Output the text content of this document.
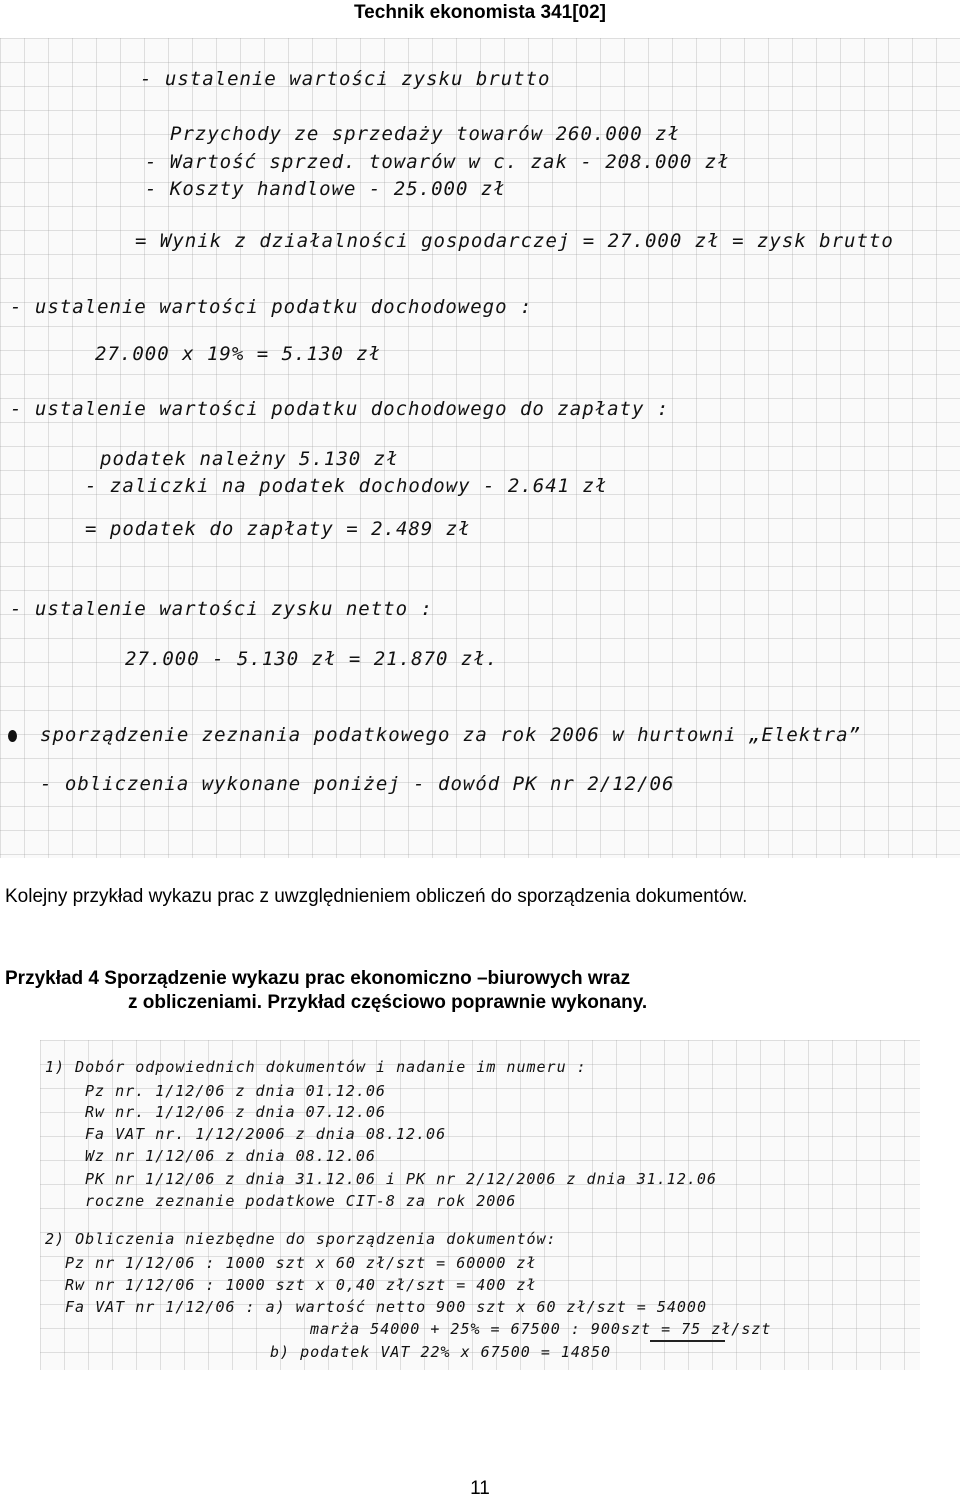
Technik ekonomista 341[02]
- ustalenie wartości zysku brutto
Przychody ze sprzedaży towarów 260.000 zł
- Wartość sprzed. towarów w c. zak - 208.000 zł
- Koszty handlowe - 25.000 zł
= Wynik z działalności gospodarczej = 27.000 zł = zysk brutto
- ustalenie wartości podatku dochodowego :
27.000 x 19% = 5.130 zł
- ustalenie wartości podatku dochodowego do zapłaty :
podatek należny 5.130 zł
- zaliczki na podatek dochodowy - 2.641 zł
= podatek do zapłaty = 2.489 zł
- ustalenie wartości zysku netto :
27.000 - 5.130 zł = 21.870 zł.
sporządzenie zeznania podatkowego za rok 2006 w hurtowni „Elektra”
- obliczenia wykonane poniżej - dowód PK nr 2/12/06
Kolejny przykład wykazu prac z uwzględnieniem obliczeń do sporządzenia dokumentów.
Przykład 4 Sporządzenie wykazu prac ekonomiczno –biurowych wraz
z obliczeniami. Przykład częściowo poprawnie wykonany.
1) Dobór odpowiednich dokumentów i nadanie im numeru :
Pz nr. 1/12/06 z dnia 01.12.06
Rw nr. 1/12/06 z dnia 07.12.06
Fa VAT nr. 1/12/2006 z dnia 08.12.06
Wz nr 1/12/06 z dnia 08.12.06
PK nr 1/12/06 z dnia 31.12.06 i PK nr 2/12/2006 z dnia 31.12.06
roczne zeznanie podatkowe CIT-8 za rok 2006
2) Obliczenia niezbędne do sporządzenia dokumentów:
Pz nr 1/12/06 : 1000 szt x 60 zł/szt = 60000 zł
Rw nr 1/12/06 : 1000 szt x 0,40 zł/szt = 400 zł
Fa VAT nr 1/12/06 : a) wartość netto 900 szt x 60 zł/szt = 54000
marża 54000 + 25% = 67500 : 900szt = 75 zł/szt
b) podatek VAT 22% x 67500 = 14850
11
